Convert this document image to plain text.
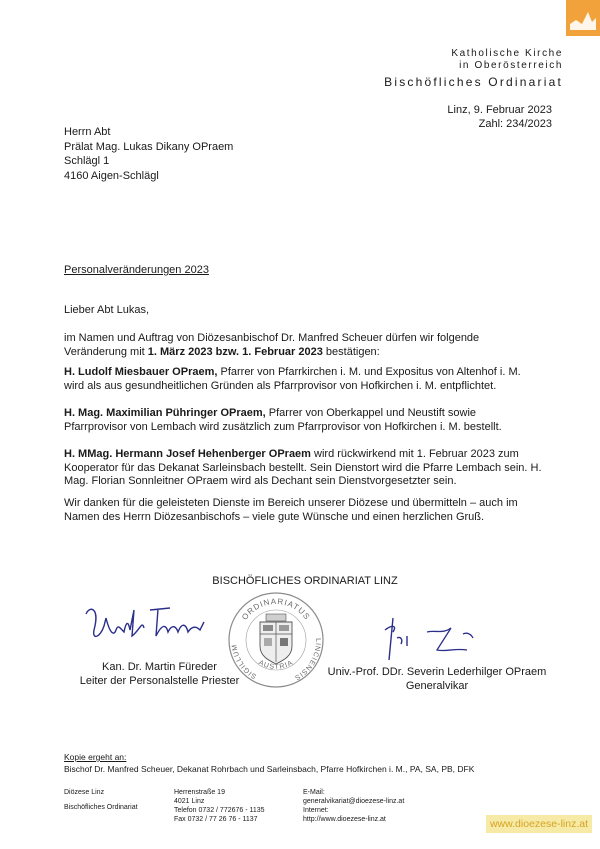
Katholische Kirche
in Oberösterreich
Bischöfliches Ordinariat
Linz, 9. Februar 2023
Zahl: 234/2023
Herrn Abt
Prälat Mag. Lukas Dikany OPraem
Schlägl 1
4160 Aigen-Schlägl
Personalveränderungen 2023
Lieber Abt Lukas,
im Namen und Auftrag von Diözesanbischof Dr. Manfred Scheuer dürfen wir folgende Veränderung mit 1. März 2023 bzw. 1. Februar 2023 bestätigen:
H. Ludolf Miesbauer OPraem, Pfarrer von Pfarrkirchen i. M. und Expositus von Altenhof i. M. wird als aus gesundheitlichen Gründen als Pfarrprovisor von Hofkirchen i. M. entpflichtet.
H. Mag. Maximilian Pühringer OPraem, Pfarrer von Oberkappel und Neustift sowie Pfarrprovisor von Lembach wird zusätzlich zum Pfarrprovisor von Hofkirchen i. M. bestellt.
H. MMag. Hermann Josef Hehenberger OPraem wird rückwirkend mit 1. Februar 2023 zum Kooperator für das Dekanat Sarleinsbach bestellt. Sein Dienstort wird die Pfarre Lembach sein. H. Mag. Florian Sonnleitner OPraem wird als Dechant sein Dienstvorgesetzter sein.
Wir danken für die geleisteten Dienste im Bereich unserer Diözese und übermitteln – auch im Namen des Herrn Diözesanbischofs – viele gute Wünsche und einen herzlichen Gruß.
BISCHÖFLICHES ORDINARIAT LINZ
ORDINARIATUS
SIGILLUM
LINCIENSIS
AUSTRIA
Kan. Dr. Martin Füreder
Leiter der Personalstelle Priester
Univ.-Prof. DDr. Severin Lederhilger OPraem
Generalvikar
Kopie ergeht an:
Bischof Dr. Manfred Scheuer, Dekanat Rohrbach und Sarleinsbach, Pfarre Hofkirchen i. M., PA, SA, PB, DFK
Diözese Linz
Bischöfliches Ordinariat
Herrenstraße 19
4021 Linz
Telefon 0732 / 772676 - 1135
Fax 0732 / 77 26 76 - 1137
E-Mail:
generalvikariat@dioezese-linz.at
Internet:
http://www.dioezese-linz.at	www.dioezese-linz.at
